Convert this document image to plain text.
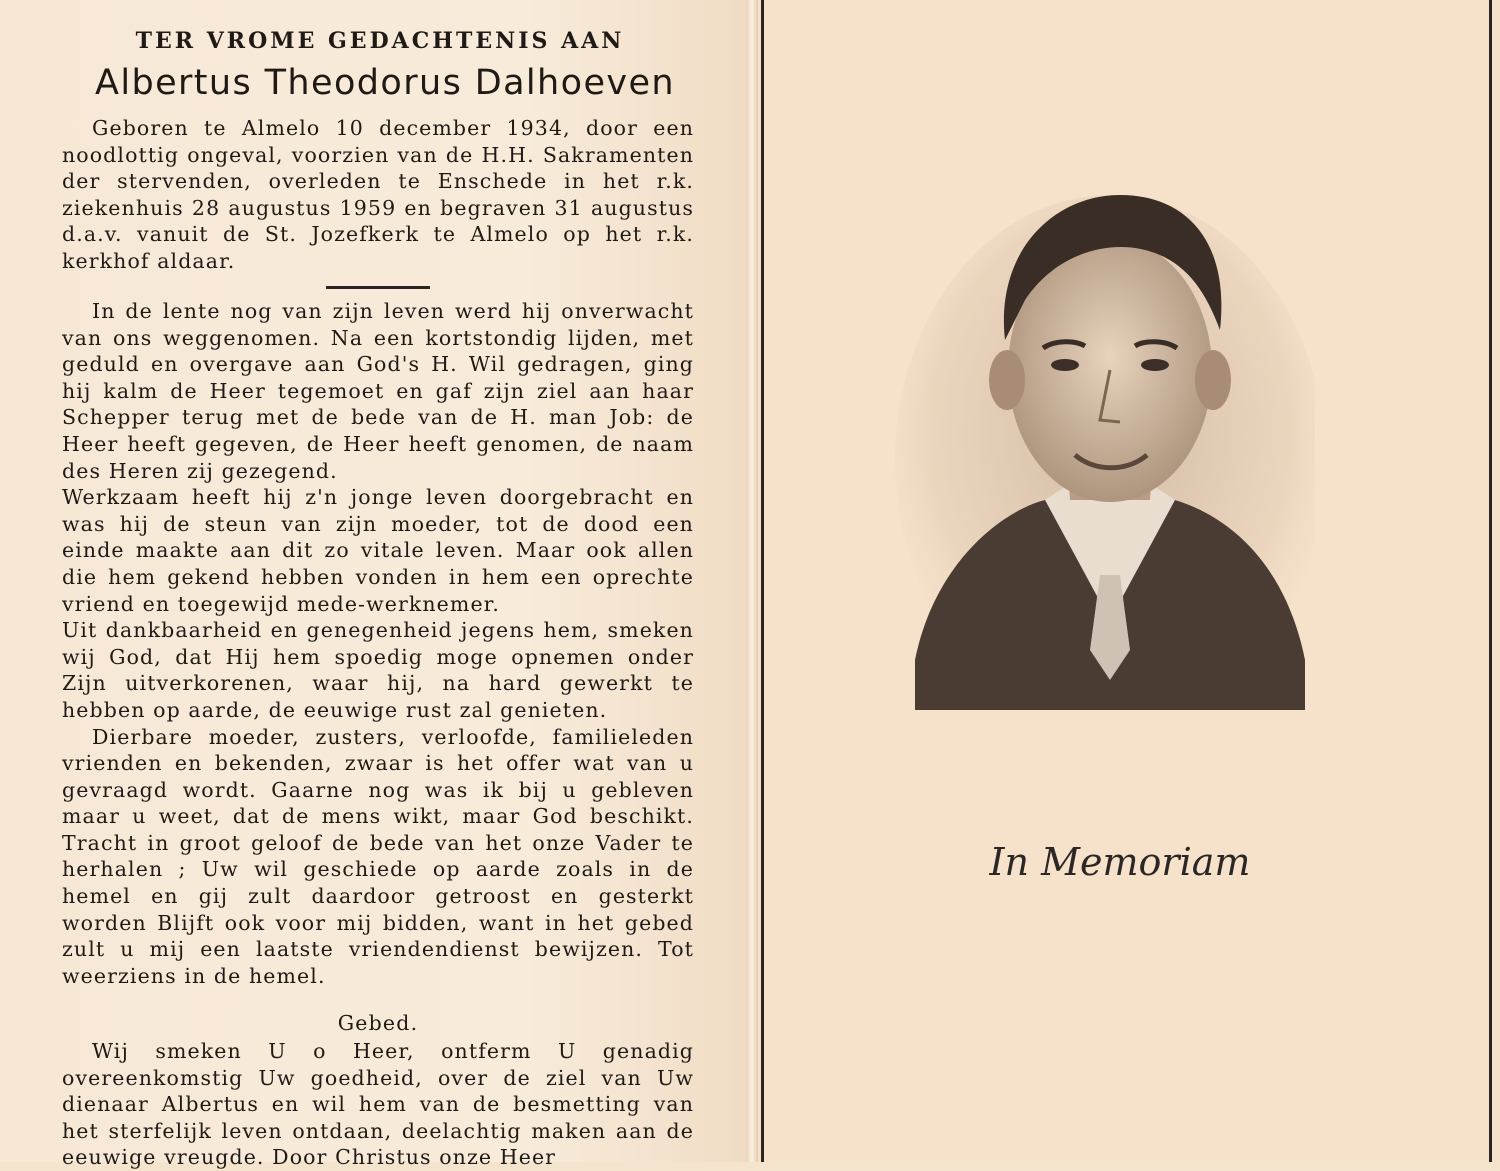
TER VROME GEDACHTENIS AAN
Albertus Theodorus Dalhoeven

Geboren te Almelo 10 december 1934, door een noodlottig ongeval, voorzien van de H.H. Sakramenten der stervenden, overleden te Enschede in het r.k. ziekenhuis 28 augustus 1959 en begraven 31 augustus d.a.v. vanuit de St. Jozefkerk te Almelo op het r.k. kerkhof aldaar.

In de lente nog van zijn leven werd hij onverwacht van ons weggenomen. Na een kortstondig lijden, met geduld en overgave aan God's H. Wil gedragen, ging hij kalm de Heer tegemoet en gaf zijn ziel aan haar Schepper terug met de bede van de H. man Job: de Heer heeft gegeven, de Heer heeft genomen, de naam des Heren zij gezegend.

Werkzaam heeft hij z'n jonge leven doorgebracht en was hij de steun van zijn moeder, tot de dood een einde maakte aan dit zo vitale leven. Maar ook allen die hem gekend hebben vonden in hem een oprechte vriend en toegewijd mede-werknemer.

Uit dankbaarheid en genegenheid jegens hem, smeken wij God, dat Hij hem spoedig moge opnemen onder Zijn uitverkorenen, waar hij, na hard gewerkt te hebben op aarde, de eeuwige rust zal genieten.

Dierbare moeder, zusters, verloofde, familieleden vrienden en bekenden, zwaar is het offer wat van u gevraagd wordt. Gaarne nog was ik bij u gebleven maar u weet, dat de mens wikt, maar God beschikt. Tracht in groot geloof de bede van het onze Vader te herhalen ; Uw wil geschiede op aarde zoals in de hemel en gij zult daardoor getroost en gesterkt worden Blijft ook voor mij bidden, want in het gebed zult u mij een laatste vriendendienst bewijzen. Tot weerziens in de hemel.

Gebed.

Wij smeken U o Heer, ontferm U genadig overeenkomstig Uw goedheid, over de ziel van Uw dienaar Albertus en wil hem van de besmetting van het sterfelijk leven ontdaan, deelachtig maken aan de eeuwige vreugde. Door Christus onze Heer

In Memoriam
